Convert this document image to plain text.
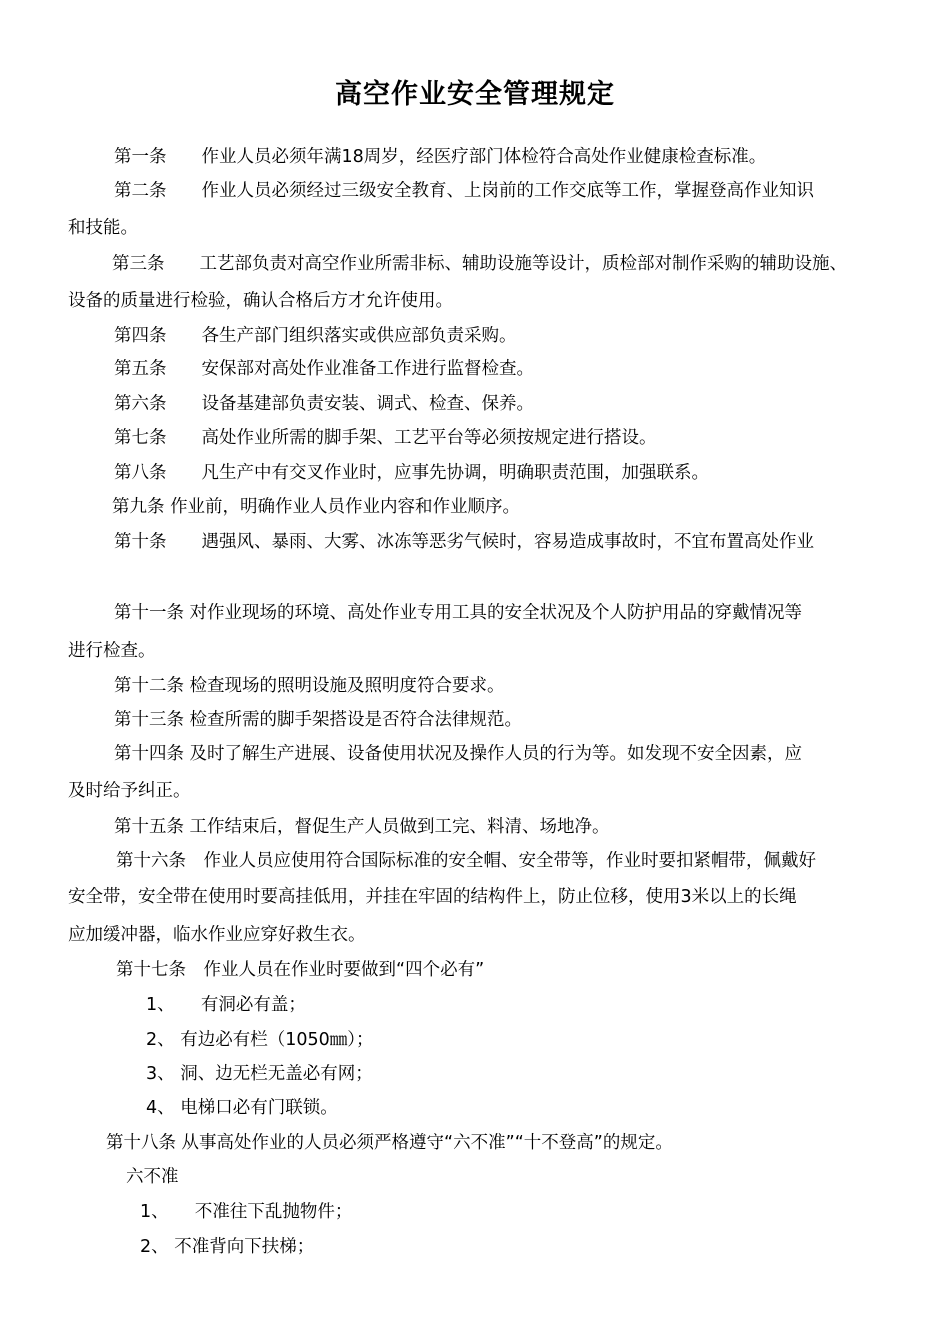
高空作业安全管理规定
第一条　　作业人员必须年满18周岁，经医疗部门体检符合高处作业健康检查标准。
第二条　　作业人员必须经过三级安全教育、上岗前的工作交底等工作，掌握登高作业知识
和技能。
第三条　　工艺部负责对高空作业所需非标、辅助设施等设计，质检部对制作采购的辅助设施、
设备的质量进行检验，确认合格后方才允许使用。
第四条　　各生产部门组织落实或供应部负责采购。
第五条　　安保部对高处作业准备工作进行监督检查。
第六条　　设备基建部负责安装、调式、检查、保养。
第七条　　高处作业所需的脚手架、工艺平台等必须按规定进行搭设。
第八条　　凡生产中有交叉作业时，应事先协调，明确职责范围，加强联系。
第九条 作业前，明确作业人员作业内容和作业顺序。
第十条　　遇强风、暴雨、大雾、冰冻等恶劣气候时，容易造成事故时，不宜布置高处作业
第十一条 对作业现场的环境、高处作业专用工具的安全状况及个人防护用品的穿戴情况等
进行检查。
第十二条 检查现场的照明设施及照明度符合要求。
第十三条 检查所需的脚手架搭设是否符合法律规范。
第十四条 及时了解生产进展、设备使用状况及操作人员的行为等。如发现不安全因素，应
及时给予纠正。
第十五条 工作结束后，督促生产人员做到工完、料清、场地净。
第十六条　作业人员应使用符合国际标准的安全帽、安全带等，作业时要扣紧帽带，佩戴好
安全带，安全带在使用时要高挂低用，并挂在牢固的结构件上，防止位移，使用3米以上的长绳
应加缓冲器，临水作业应穿好救生衣。
第十七条　作业人员在作业时要做到“四个必有”
1、　　有洞必有盖；
2、 有边必有栏（1050㎜）；
3、 洞、边无栏无盖必有网；
4、 电梯口必有门联锁。
第十八条 从事高处作业的人员必须严格遵守“六不准”“十不登高”的规定。
六不准
1、　　不准往下乱抛物件；
2、 不准背向下扶梯；
